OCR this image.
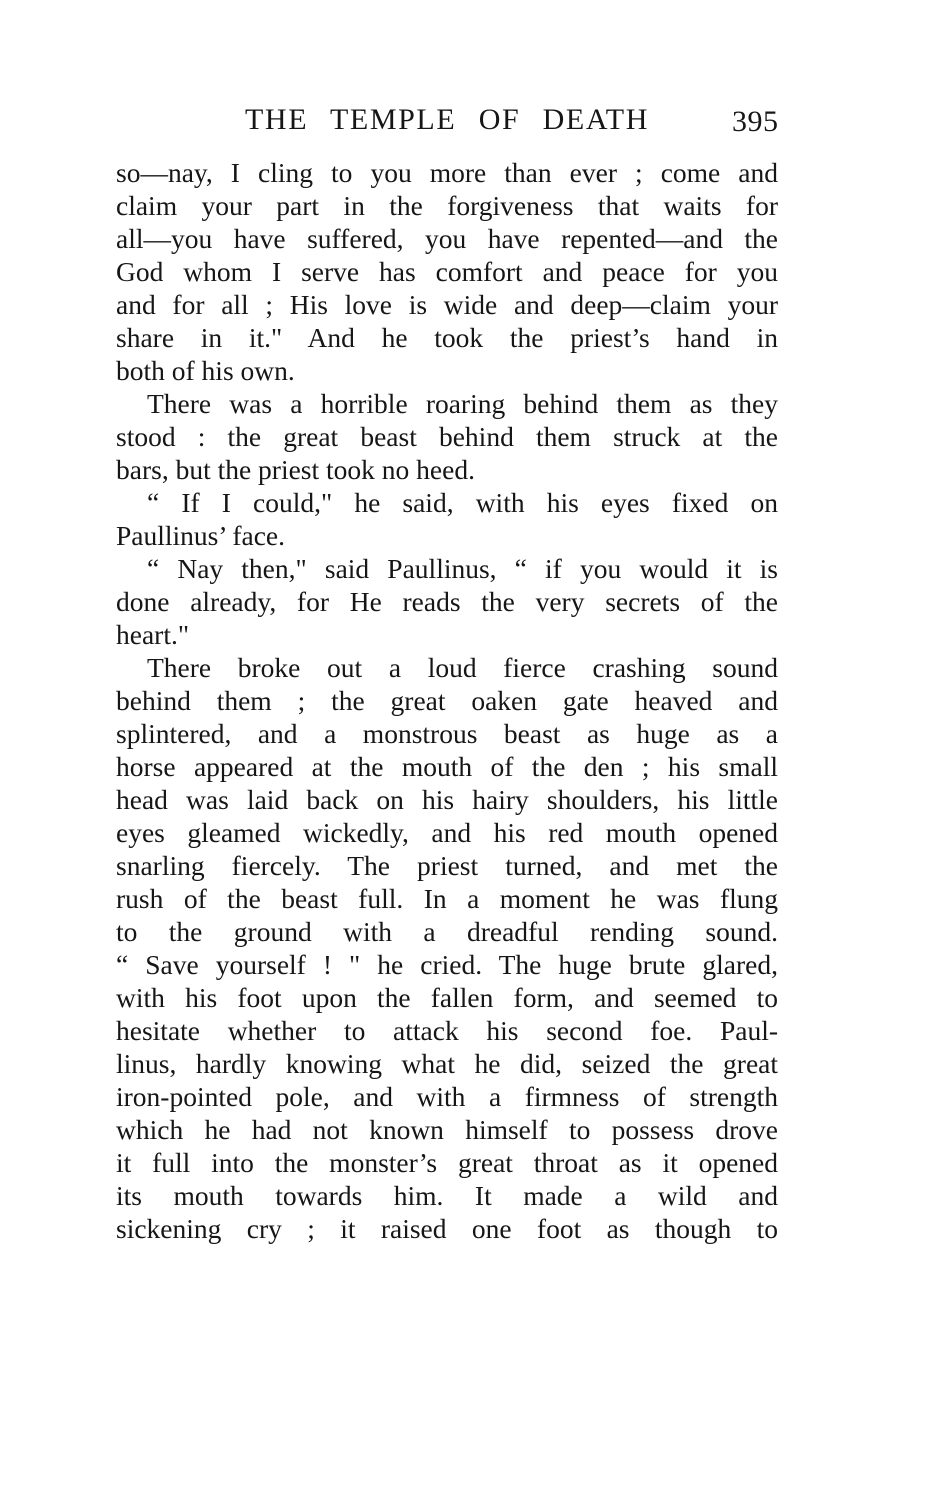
THE TEMPLE OF DEATH	395
so—nay, I cling to you more than ever ; come and
claim your part in the forgiveness that waits for
all—you have suffered, you have repented—and the
God whom I serve has comfort and peace for you
and for all ; His love is wide and deep—claim your
share in it." And he took the priest’s hand in
both of his own.
There was a horrible roaring behind them as they
stood : the great beast behind them struck at the
bars, but the priest took no heed.
“ If I could," he said, with his eyes fixed on
Paullinus’ face.
“ Nay then," said Paullinus, “ if you would it is
done already, for He reads the very secrets of the
heart."
There broke out a loud fierce crashing sound
behind them ; the great oaken gate heaved and
splintered, and a monstrous beast as huge as a
horse appeared at the mouth of the den ; his small
head was laid back on his hairy shoulders, his little
eyes gleamed wickedly, and his red mouth opened
snarling fiercely. The priest turned, and met the
rush of the beast full. In a moment he was flung
to the ground with a dreadful rending sound.
“ Save yourself ! " he cried. The huge brute glared,
with his foot upon the fallen form, and seemed to
hesitate whether to attack his second foe. Paul-
linus, hardly knowing what he did, seized the great
iron-pointed pole, and with a firmness of strength
which he had not known himself to possess drove
it full into the monster’s great throat as it opened
its mouth towards him. It made a wild and
sickening cry ; it raised one foot as though to
